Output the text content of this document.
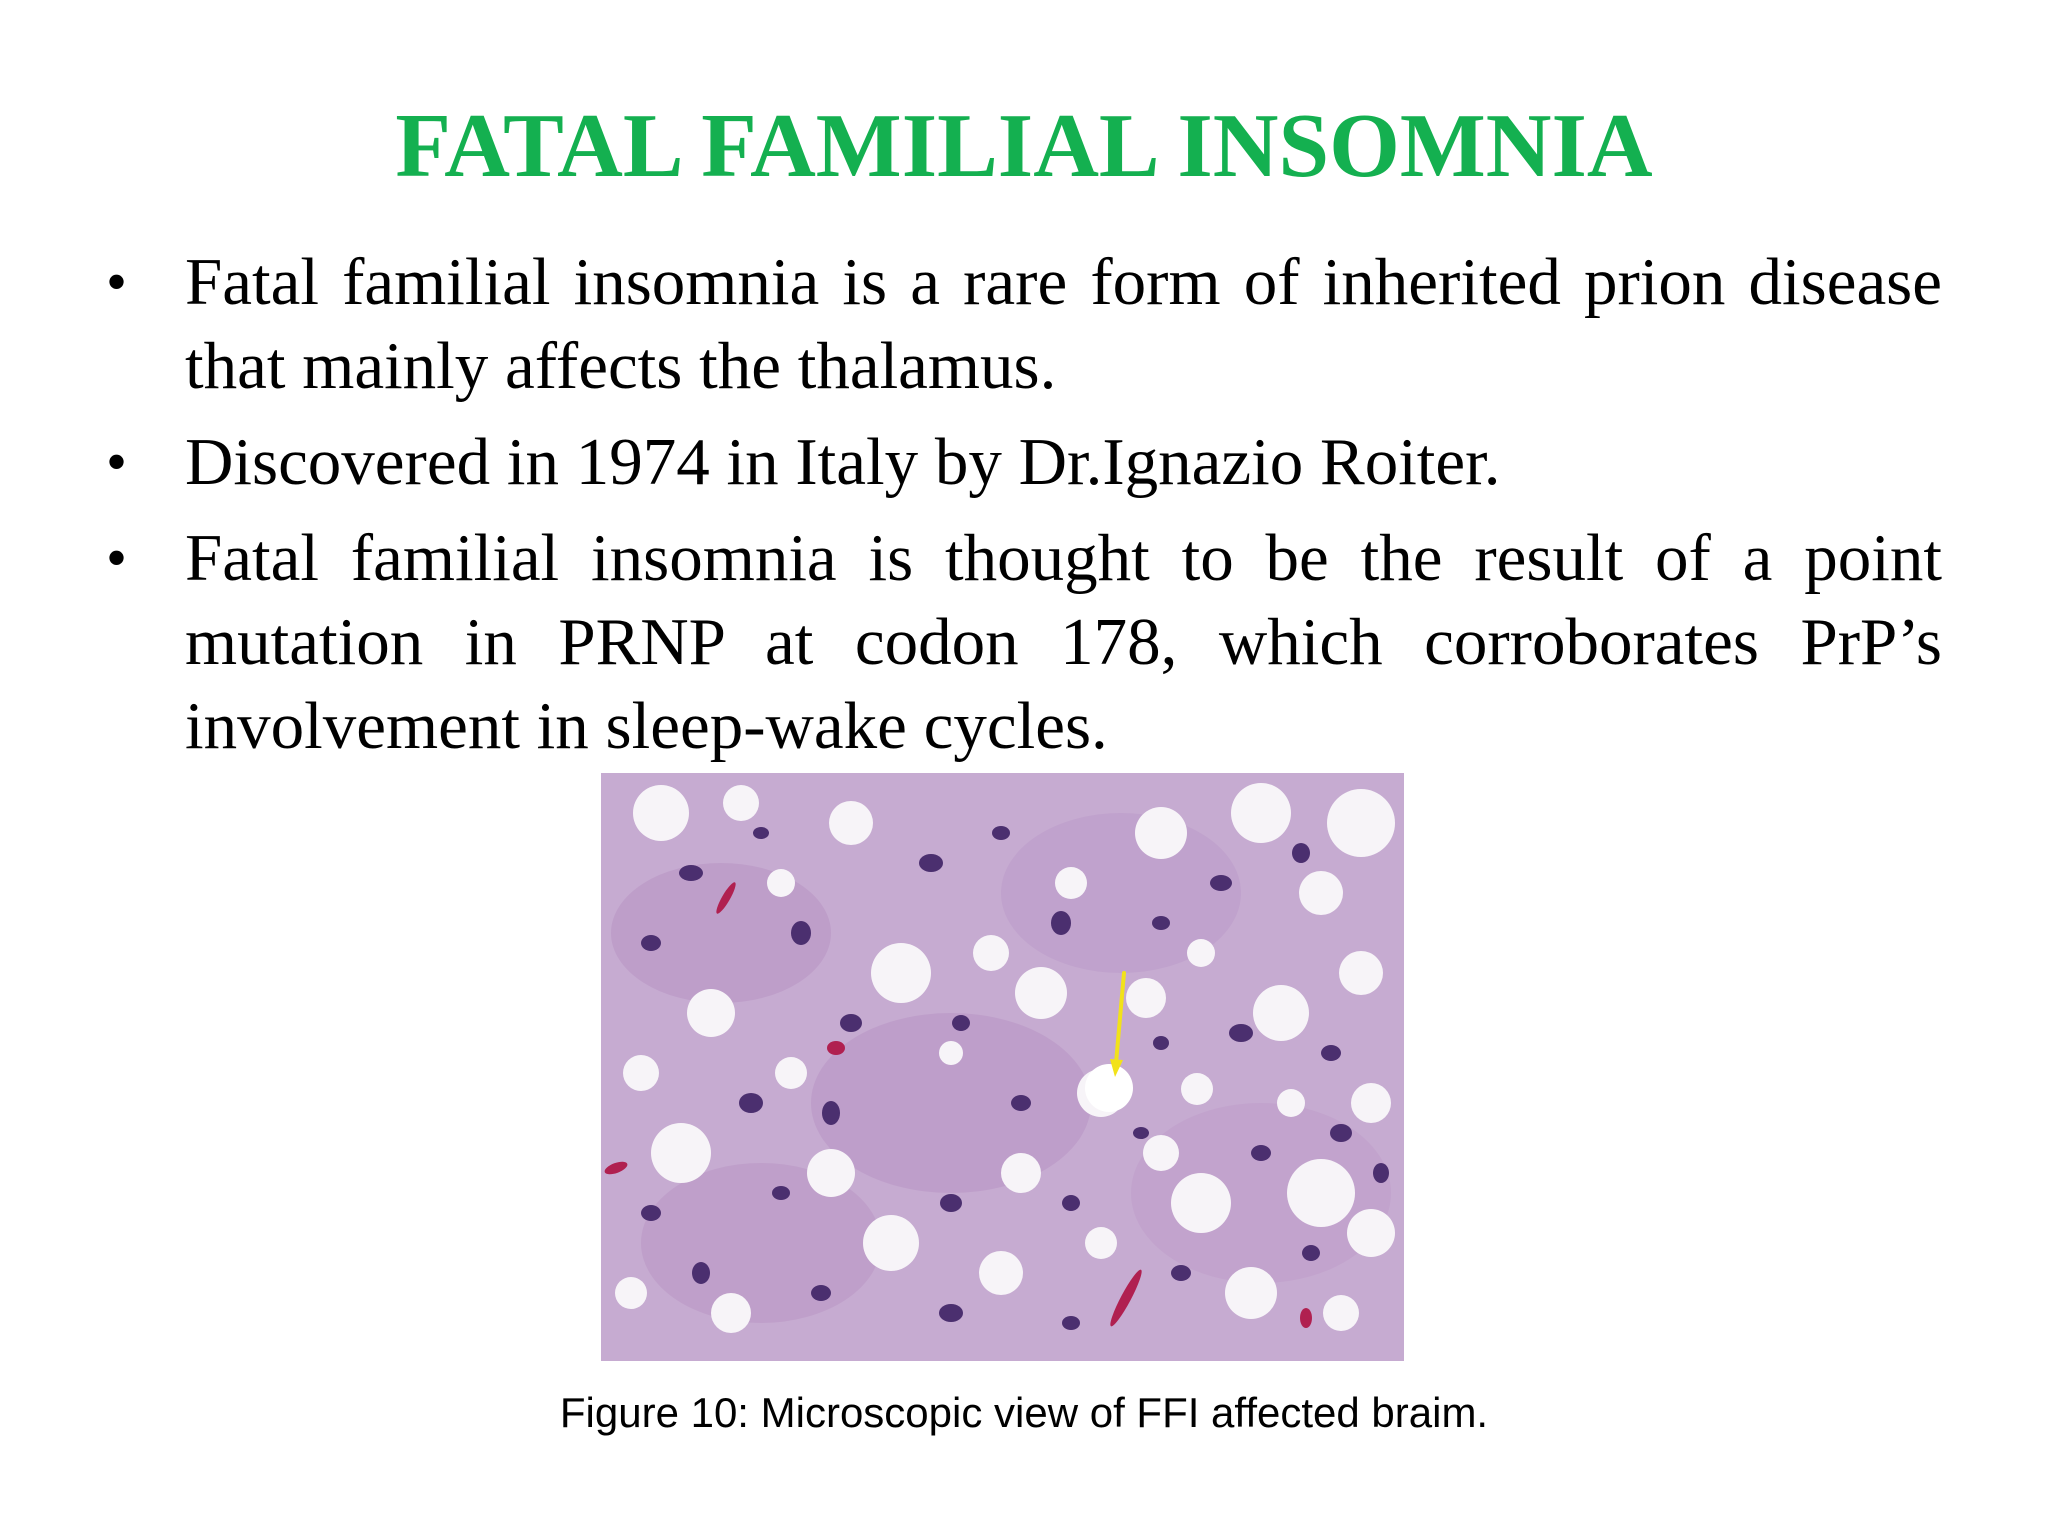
FATAL FAMILIAL INSOMNIA
• Fatal familial insomnia is a rare form of inherited prion disease that mainly affects the thalamus.
• Discovered in 1974 in Italy by Dr.Ignazio Roiter.
• Fatal familial insomnia is thought to be the result of a point mutation in PRNP at codon 178, which corroborates PrP’s involvement in sleep-wake cycles.
Figure 10: Microscopic view of FFI affected braim.
